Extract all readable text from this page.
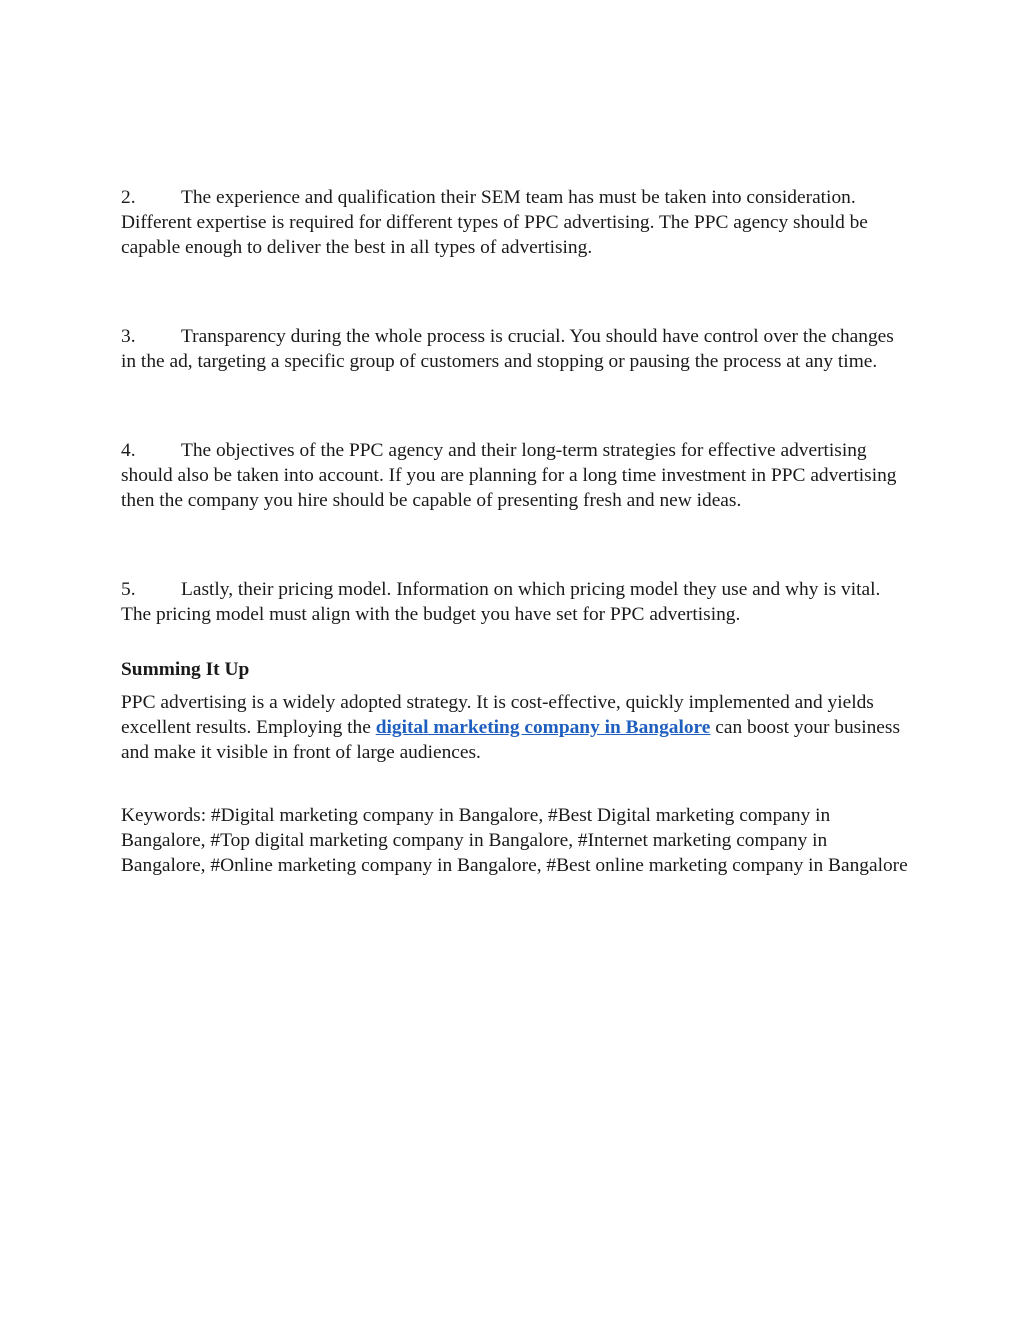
2. The experience and qualification their SEM team has must be taken into consideration. Different expertise is required for different types of PPC advertising. The PPC agency should be capable enough to deliver the best in all types of advertising.

3. Transparency during the whole process is crucial. You should have control over the changes in the ad, targeting a specific group of customers and stopping or pausing the process at any time.

4. The objectives of the PPC agency and their long-term strategies for effective advertising should also be taken into account. If you are planning for a long time investment in PPC advertising then the company you hire should be capable of presenting fresh and new ideas.

5. Lastly, their pricing model. Information on which pricing model they use and why is vital. The pricing model must align with the budget you have set for PPC advertising.

Summing It Up

PPC advertising is a widely adopted strategy. It is cost-effective, quickly implemented and yields excellent results. Employing the digital marketing company in Bangalore can boost your business and make it visible in front of large audiences.

Keywords: #Digital marketing company in Bangalore, #Best Digital marketing company in Bangalore, #Top digital marketing company in Bangalore, #Internet marketing company in Bangalore, #Online marketing company in Bangalore, #Best online marketing company in Bangalore
